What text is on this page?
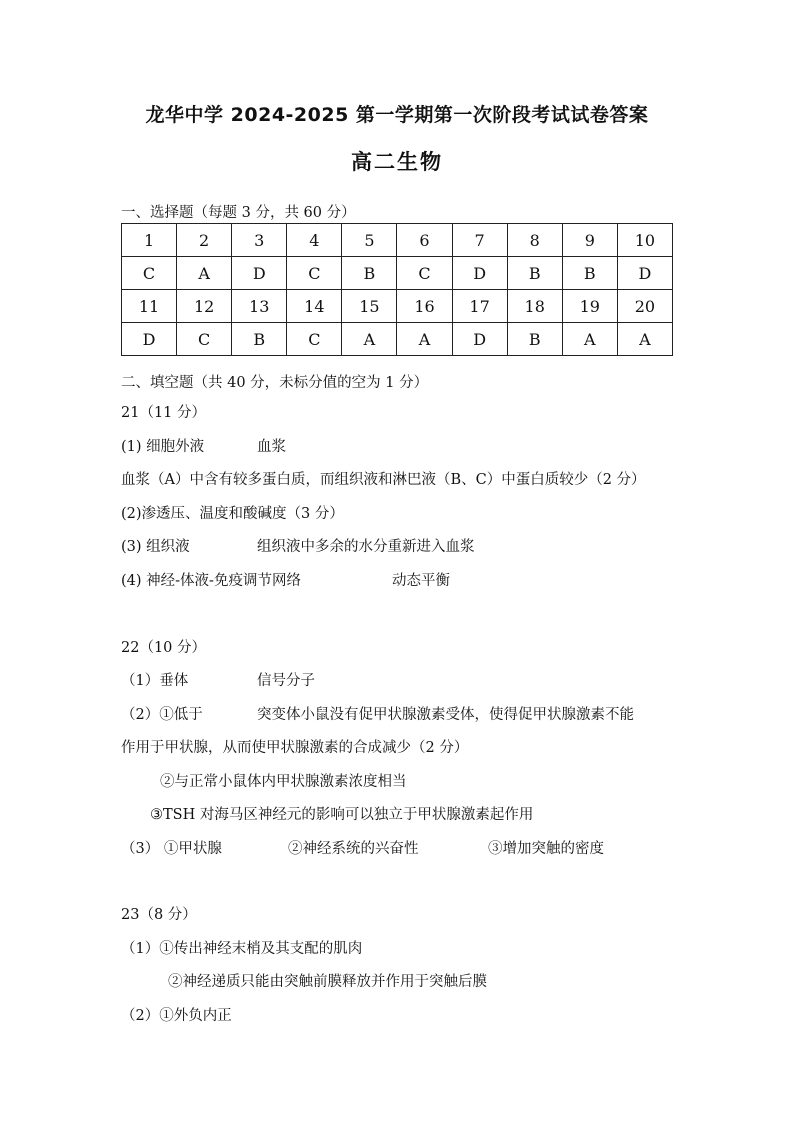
龙华中学 2024-2025 第一学期第一次阶段考试试卷答案
高二生物
一、选择题（每题 3 分，共 60 分）
1	2	3	4	5	6	7	8	9	10
C	A	D	C	B	C	D	B	B	D
11	12	13	14	15	16	17	18	19	20
D	C	B	C	A	A	D	B	A	A
二、填空题（共 40 分，未标分值的空为 1 分）
21（11 分）
(1) 细胞外液	血浆
血浆（A）中含有较多蛋白质，而组织液和淋巴液（B、C）中蛋白质较少（2 分）
(2)渗透压、温度和酸碱度（3 分）
(3) 组织液	组织液中多余的水分重新进入血浆
(4) 神经-体液-免疫调节网络	动态平衡
22（10 分）
（1）垂体	信号分子
（2）①低于	突变体小鼠没有促甲状腺激素受体，使得促甲状腺激素不能
作用于甲状腺，从而使甲状腺激素的合成减少（2 分）
②与正常小鼠体内甲状腺激素浓度相当
③TSH 对海马区神经元的影响可以独立于甲状腺激素起作用
（3） ①甲状腺	②神经系统的兴奋性	③增加突触的密度
23（8 分）
（1）①传出神经末梢及其支配的肌肉
②神经递质只能由突触前膜释放并作用于突触后膜
（2）①外负内正
